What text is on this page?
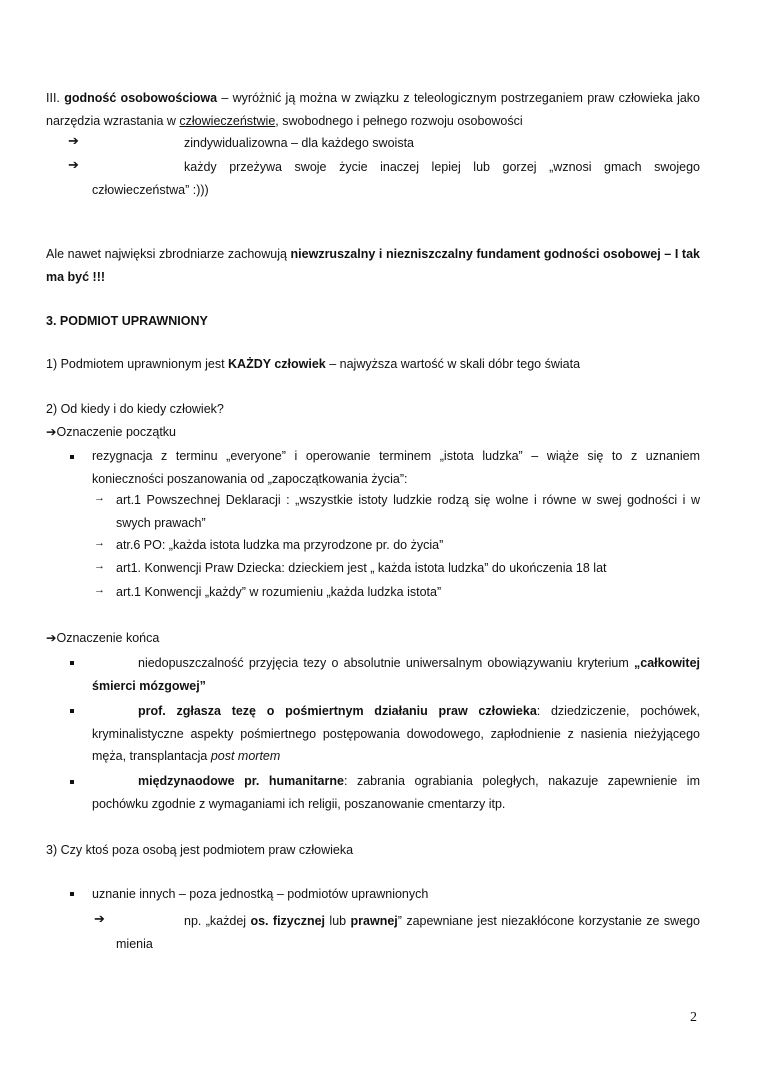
III. godność osobowościowa – wyróżnić ją można w związku z teleologicznym postrzeganiem praw człowieka jako narzędzia wzrastania w człowieczeństwie, swobodnego i pełnego rozwoju osobowości
➔	zindywidualizowna – dla każdego swoista
➔	każdy przeżywa swoje życie inaczej lepiej lub gorzej „wznosi gmach swojego człowieczeństwa” :)))
Ale nawet najwięksi zbrodniarze zachowują niewzruszalny i niezniszczalny fundament godności osobowej – I tak ma być !!!
3. PODMIOT UPRAWNIONY
1) Podmiotem uprawnionym jest KAŻDY człowiek – najwyższa wartość w skali dóbr tego świata
2) Od kiedy i do kiedy człowiek?
➔Oznaczenie początku
rezygnacja z terminu „everyone” i operowanie terminem „istota ludzka” – wiąże się to z uznaniem konieczności poszanowania od „zapoczątkowania życia”:
→ art.1 Powszechnej Deklaracji : „wszystkie istoty ludzkie rodzą się wolne i równe w swej godności i w swych prawach”
→ atr.6 PO: „każda istota ludzka ma przyrodzone pr. do życia”
→ art1. Konwencji Praw Dziecka: dzieckiem jest „ każda istota ludzka” do ukończenia 18 lat
→ art.1 Konwencji „każdy” w rozumieniu „każda ludzka istota”
➔Oznaczenie końca
niedopuszczalność przyjęcia tezy o absolutnie uniwersalnym obowiązywaniu kryterium „całkowitej śmierci mózgowej”
prof. zgłasza tezę o pośmiertnym działaniu praw człowieka: dziedziczenie, pochówek, kryminalistyczne aspekty pośmiertnego postępowania dowodowego, zapłodnienie z nasienia nieżyjącego męża, transplantacja post mortem
międzynaodowe pr. humanitarne: zabrania ograbiania poległych, nakazuje zapewnienie im pochówku zgodnie z wymaganiami ich religii, poszanowanie cmentarzy itp.
3) Czy ktoś poza osobą jest podmiotem praw człowieka
uznanie innych – poza jednostką – podmiotów uprawnionych
➔	np. „każdej os. fizycznej lub prawnej” zapewniane jest niezakłócone korzystanie ze swego mienia
2
